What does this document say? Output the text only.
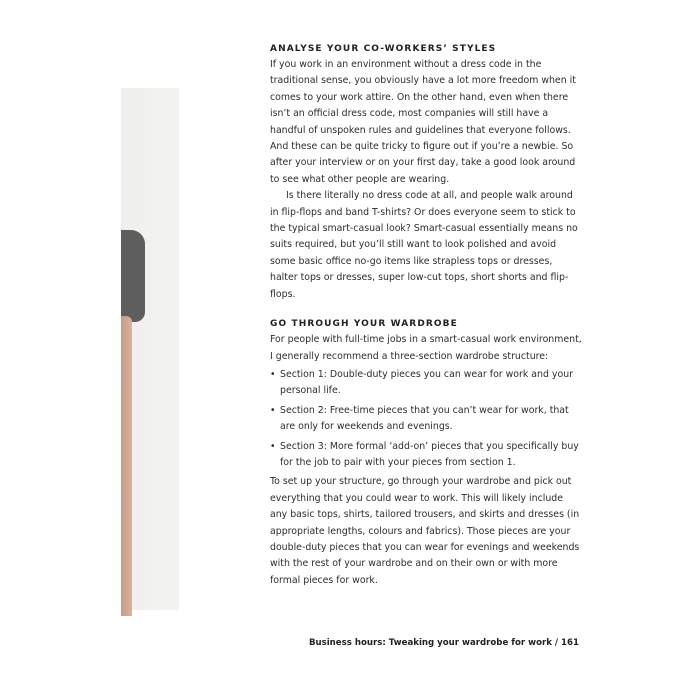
ANALYSE YOUR CO-WORKERS’ STYLES

If you work in an environment without a dress code in the traditional sense, you obviously have a lot more freedom when it comes to your work attire. On the other hand, even when there isn’t an official dress code, most companies will still have a handful of unspoken rules and guidelines that everyone follows. And these can be quite tricky to figure out if you’re a newbie. So after your interview or on your first day, take a good look around to see what other people are wearing.

Is there literally no dress code at all, and people walk around in flip-flops and band T-shirts? Or does everyone seem to stick to the typical smart-casual look? Smart-casual essentially means no suits required, but you’ll still want to look polished and avoid some basic office no-go items like strapless tops or dresses, halter tops or dresses, super low-cut tops, short shorts and flip-flops.

GO THROUGH YOUR WARDROBE

For people with full-time jobs in a smart-casual work environment, I generally recommend a three-section wardrobe structure:

• Section 1: Double-duty pieces you can wear for work and your personal life.
• Section 2: Free-time pieces that you can’t wear for work, that are only for weekends and evenings.
• Section 3: More formal ‘add-on’ pieces that you specifically buy for the job to pair with your pieces from section 1.

To set up your structure, go through your wardrobe and pick out everything that you could wear to work. This will likely include any basic tops, shirts, tailored trousers, and skirts and dresses (in appropriate lengths, colours and fabrics). Those pieces are your double-duty pieces that you can wear for evenings and weekends with the rest of your wardrobe and on their own or with more formal pieces for work.

Business hours: Tweaking your wardrobe for work / 161
